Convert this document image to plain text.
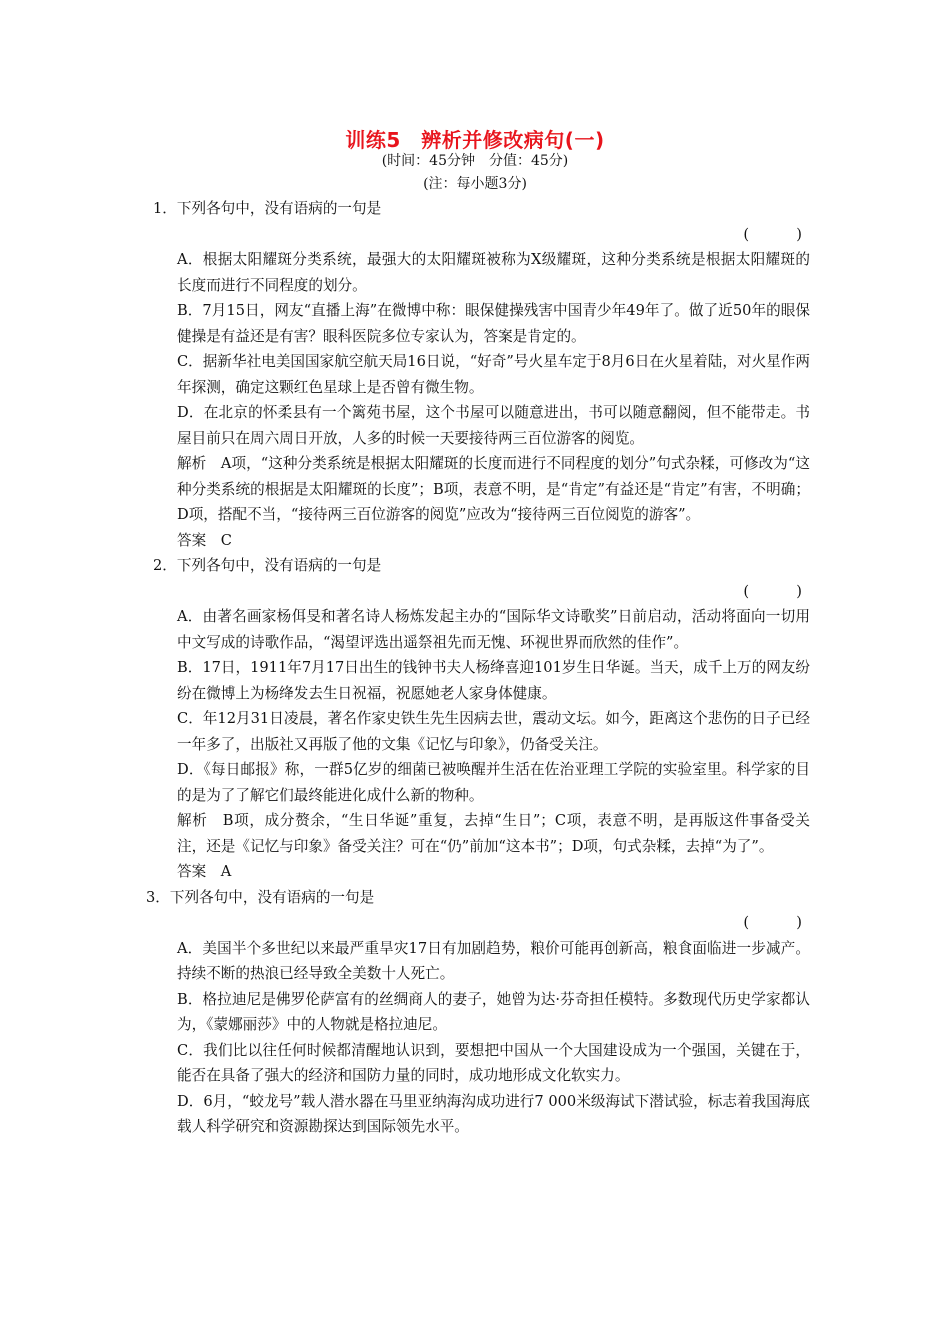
训练5　辨析并修改病句(一)
(时间：45分钟　分值：45分)
(注：每小题3分)
1．下列各句中，没有语病的一句是
(　　)
A．根据太阳耀斑分类系统，最强大的太阳耀斑被称为X级耀斑，这种分类系统是根据太阳耀斑的长度而进行不同程度的划分。
B．7月15日，网友“直播上海”在微博中称：眼保健操残害中国青少年49年了。做了近50年的眼保健操是有益还是有害？眼科医院多位专家认为，答案是肯定的。
C．据新华社电美国国家航空航天局16日说，“好奇”号火星车定于8月6日在火星着陆，对火星作两年探测，确定这颗红色星球上是否曾有微生物。
D．在北京的怀柔县有一个篱苑书屋，这个书屋可以随意进出，书可以随意翻阅，但不能带走。书屋目前只在周六周日开放，人多的时候一天要接待两三百位游客的阅览。
解析　A项，“这种分类系统是根据太阳耀斑的长度而进行不同程度的划分”句式杂糅，可修改为“这种分类系统的根据是太阳耀斑的长度”；B项，表意不明，是“肯定”有益还是“肯定”有害，不明确；D项，搭配不当，“接待两三百位游客的阅览”应改为“接待两三百位阅览的游客”。
答案　C
2．下列各句中，没有语病的一句是
(　　)
A．由著名画家杨佴旻和著名诗人杨炼发起主办的“国际华文诗歌奖”日前启动，活动将面向一切用中文写成的诗歌作品，“渴望评选出遥祭祖先而无愧、环视世界而欣然的佳作”。
B．17日，1911年7月17日出生的钱钟书夫人杨绛喜迎101岁生日华诞。当天，成千上万的网友纷纷在微博上为杨绛发去生日祝福，祝愿她老人家身体健康。
C．年12月31日凌晨，著名作家史铁生先生因病去世，震动文坛。如今，距离这个悲伤的日子已经一年多了，出版社又再版了他的文集《记忆与印象》，仍备受关注。
D．《每日邮报》称，一群5亿岁的细菌已被唤醒并生活在佐治亚理工学院的实验室里。科学家的目的是为了了解它们最终能进化成什么新的物种。
解析　B项，成分赘余，“生日华诞”重复，去掉“生日”；C项，表意不明，是再版这件事备受关注，还是《记忆与印象》备受关注？可在“仍”前加“这本书”；D项，句式杂糅，去掉“为了”。
答案　A
3．下列各句中，没有语病的一句是
(　　)
A．美国半个多世纪以来最严重旱灾17日有加剧趋势，粮价可能再创新高，粮食面临进一步减产。持续不断的热浪已经导致全美数十人死亡。
B．格拉迪尼是佛罗伦萨富有的丝绸商人的妻子，她曾为达·芬奇担任模特。多数现代历史学家都认为，《蒙娜丽莎》中的人物就是格拉迪尼。
C．我们比以往任何时候都清醒地认识到，要想把中国从一个大国建设成为一个强国，关键在于，能否在具备了强大的经济和国防力量的同时，成功地形成文化软实力。
D．6月，“蛟龙号”载人潜水器在马里亚纳海沟成功进行7 000米级海试下潜试验，标志着我国海底载人科学研究和资源勘探达到国际领先水平。
